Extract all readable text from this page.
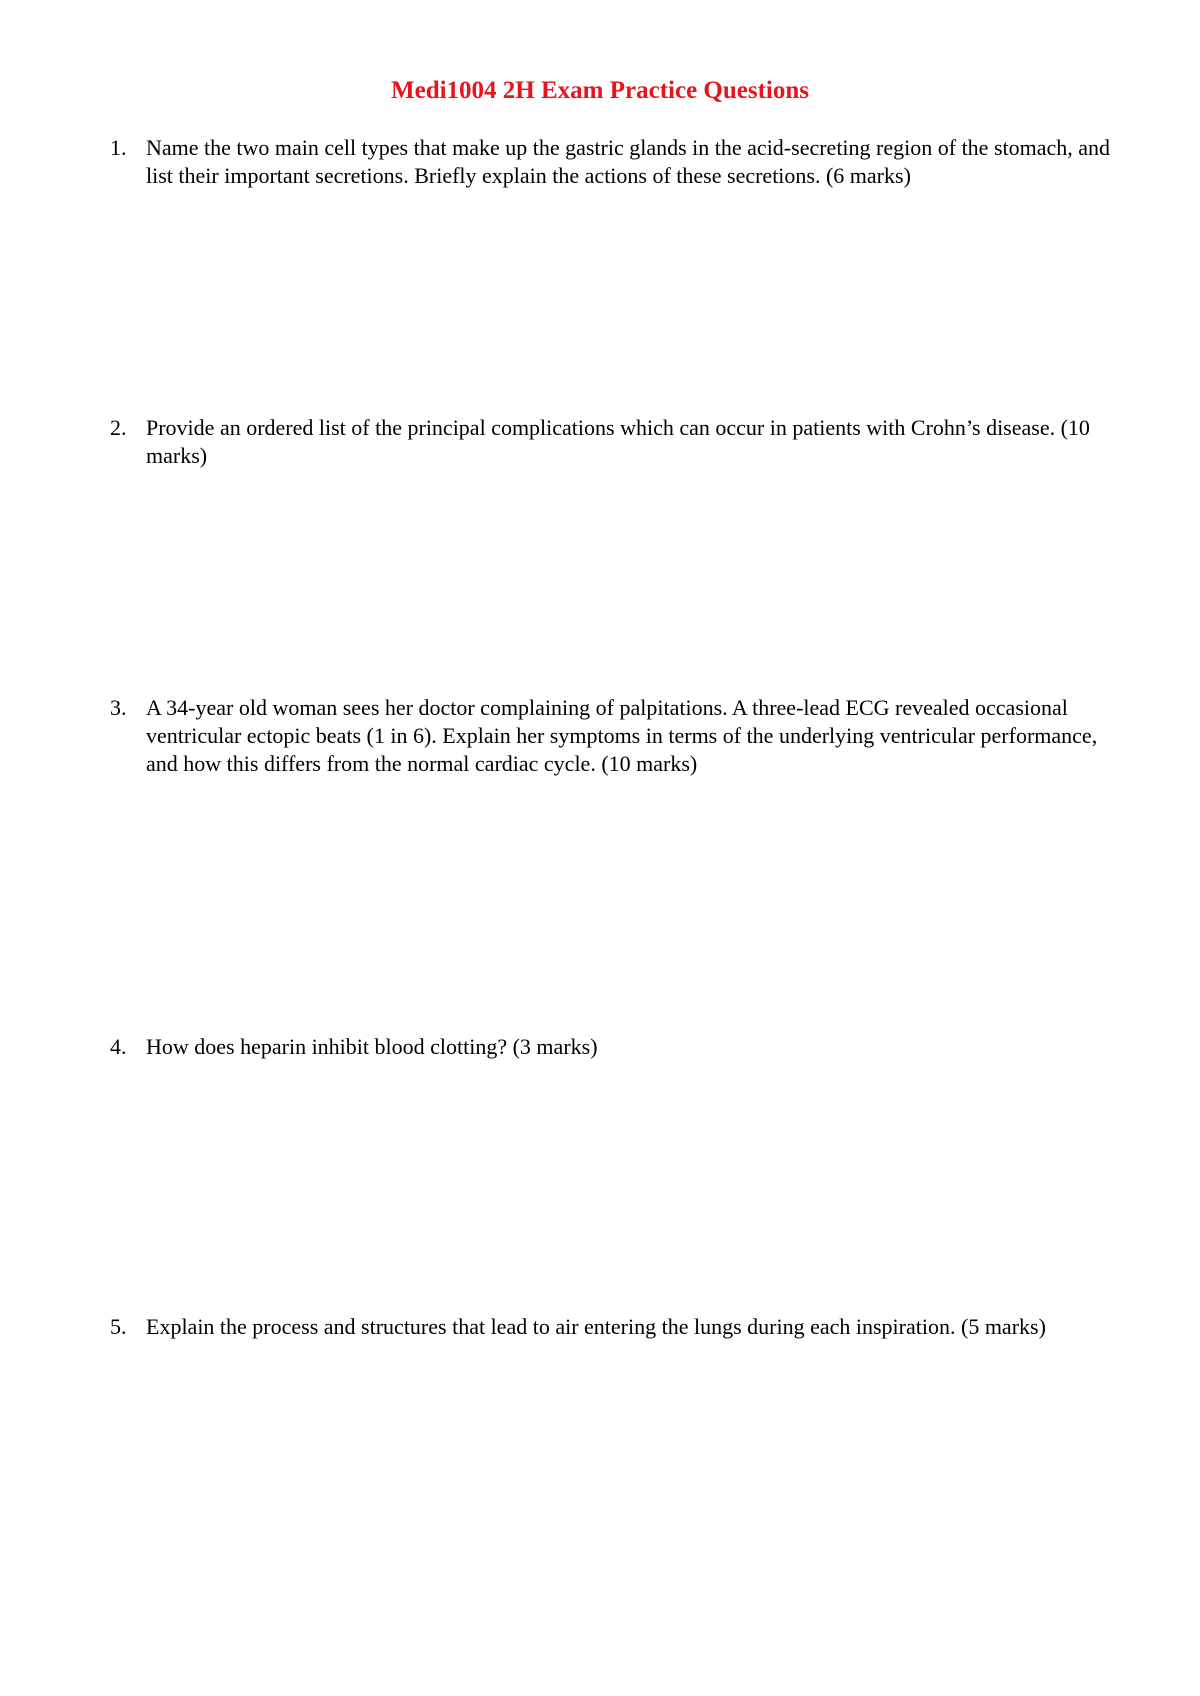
Medi1004 2H Exam Practice Questions
1. Name the two main cell types that make up the gastric glands in the acid-secreting region of the stomach, and list their important secretions. Briefly explain the actions of these secretions. (6 marks)
2. Provide an ordered list of the principal complications which can occur in patients with Crohn’s disease. (10 marks)
3. A 34-year old woman sees her doctor complaining of palpitations. A three-lead ECG revealed occasional ventricular ectopic beats (1 in 6). Explain her symptoms in terms of the underlying ventricular performance, and how this differs from the normal cardiac cycle. (10 marks)
4. How does heparin inhibit blood clotting? (3 marks)
5. Explain the process and structures that lead to air entering the lungs during each inspiration. (5 marks)
